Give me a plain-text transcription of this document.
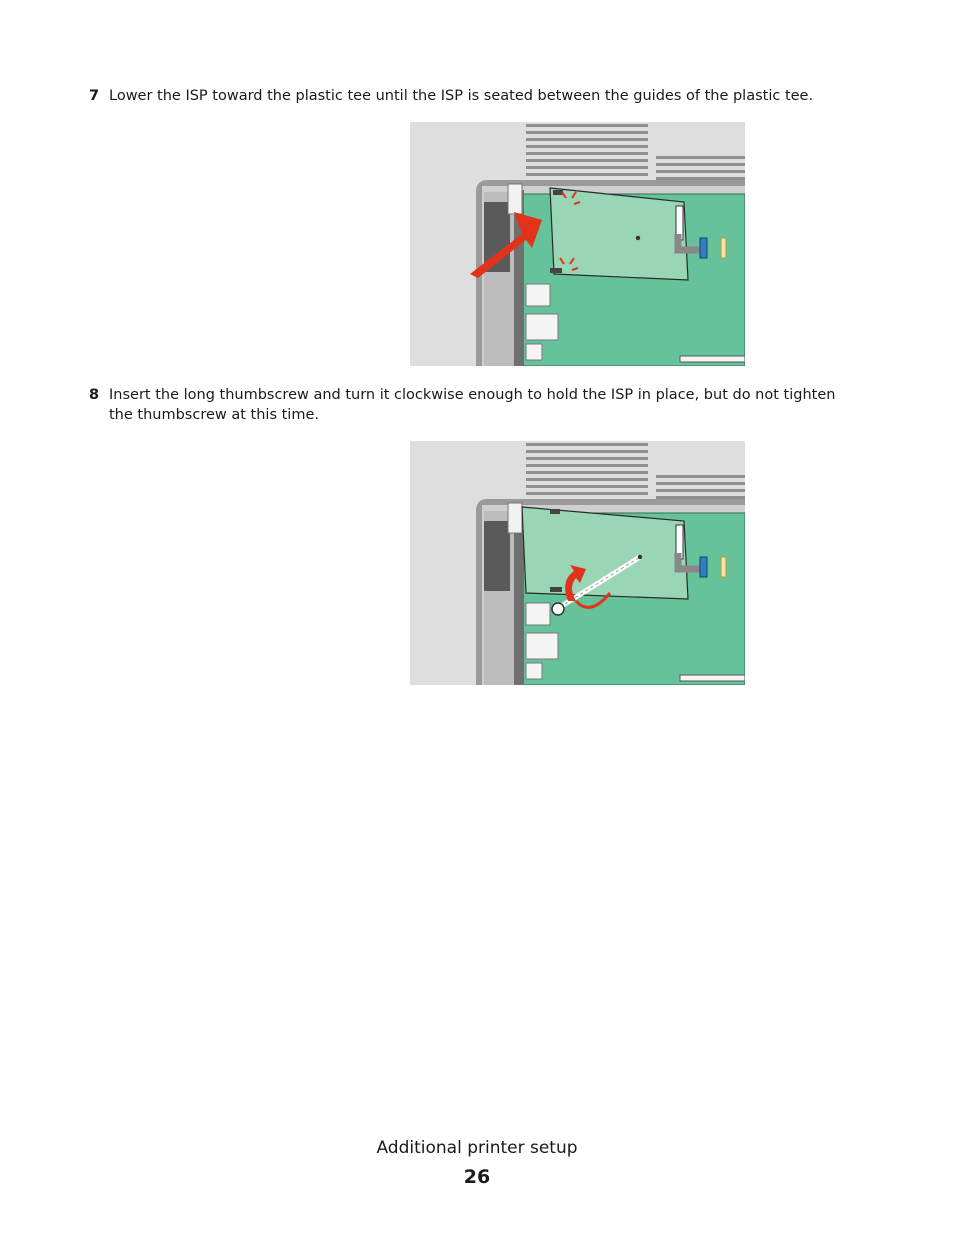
7 Lower the ISP toward the plastic tee until the ISP is seated between the guides of the plastic tee.
8 Insert the long thumbscrew and turn it clockwise enough to hold the ISP in place, but do not tighten the thumbscrew at this time.
Additional printer setup
26
